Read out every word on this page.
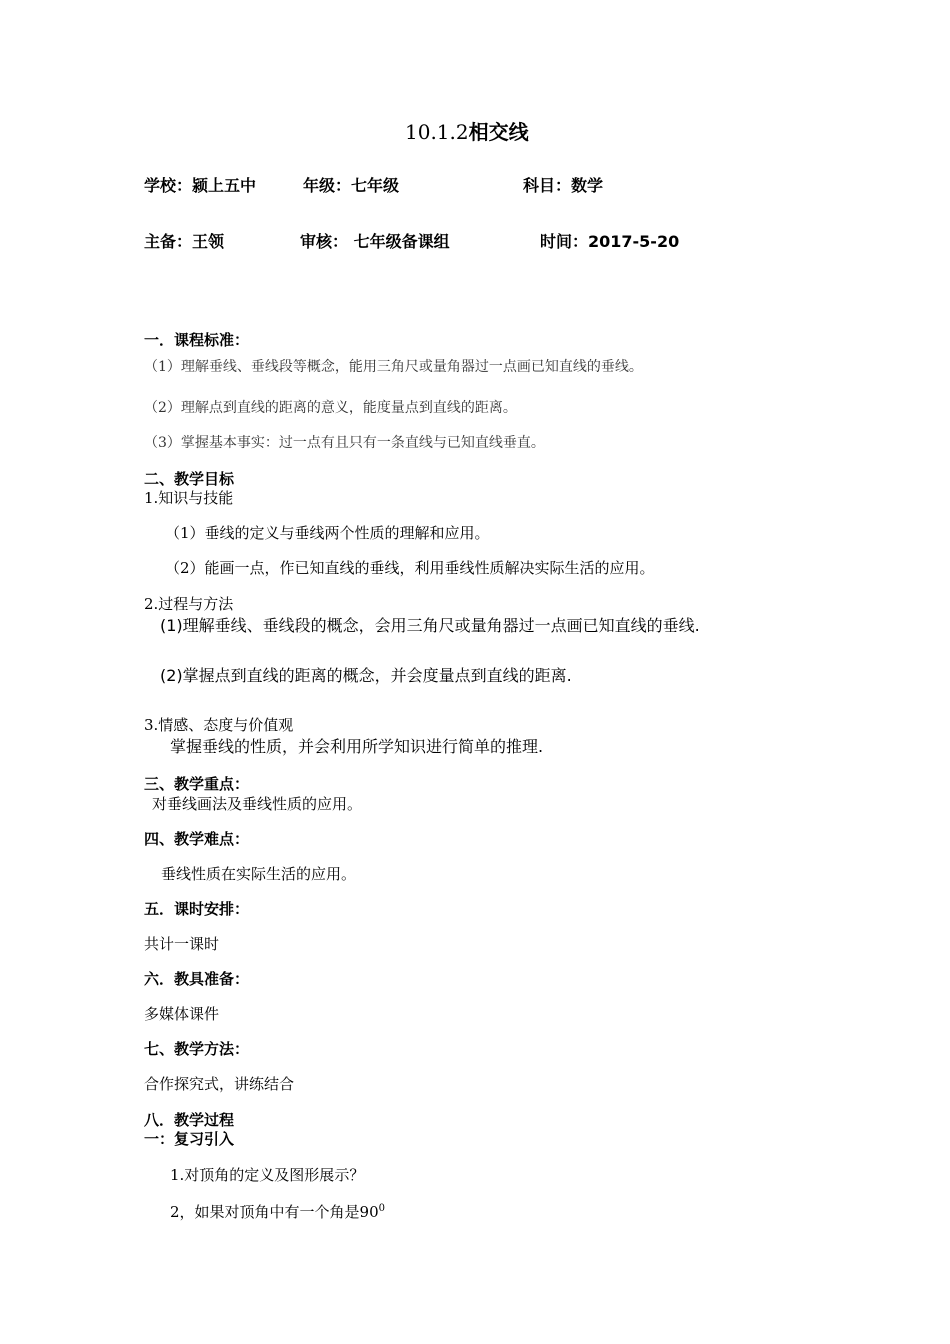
10.1.2相交线
学校：颍上五中	年级：七年级	科目：数学
主备：王领	审核： 七年级备课组	时间：2017-5-20
一．课程标准：
（1）理解垂线、垂线段等概念，能用三角尺或量角器过一点画已知直线的垂线。
（2）理解点到直线的距离的意义，能度量点到直线的距离。
（3）掌握基本事实：过一点有且只有一条直线与已知直线垂直。
二、教学目标
1.知识与技能
（1）垂线的定义与垂线两个性质的理解和应用。
（2）能画一点，作已知直线的垂线，利用垂线性质解决实际生活的应用。
2.过程与方法
(1)理解垂线、垂线段的概念，会用三角尺或量角器过一点画已知直线的垂线.
(2)掌握点到直线的距离的概念，并会度量点到直线的距离.
3.情感、态度与价值观
掌握垂线的性质，并会利用所学知识进行简单的推理.
三、教学重点：
对垂线画法及垂线性质的应用。
四、教学难点：
垂线性质在实际生活的应用。
五．课时安排：
共计一课时
六．教具准备：
多媒体课件
七、教学方法：
合作探究式，讲练结合
八．教学过程
一：复习引入
1.对顶角的定义及图形展示？
2，如果对顶角中有一个角是$90^0$
